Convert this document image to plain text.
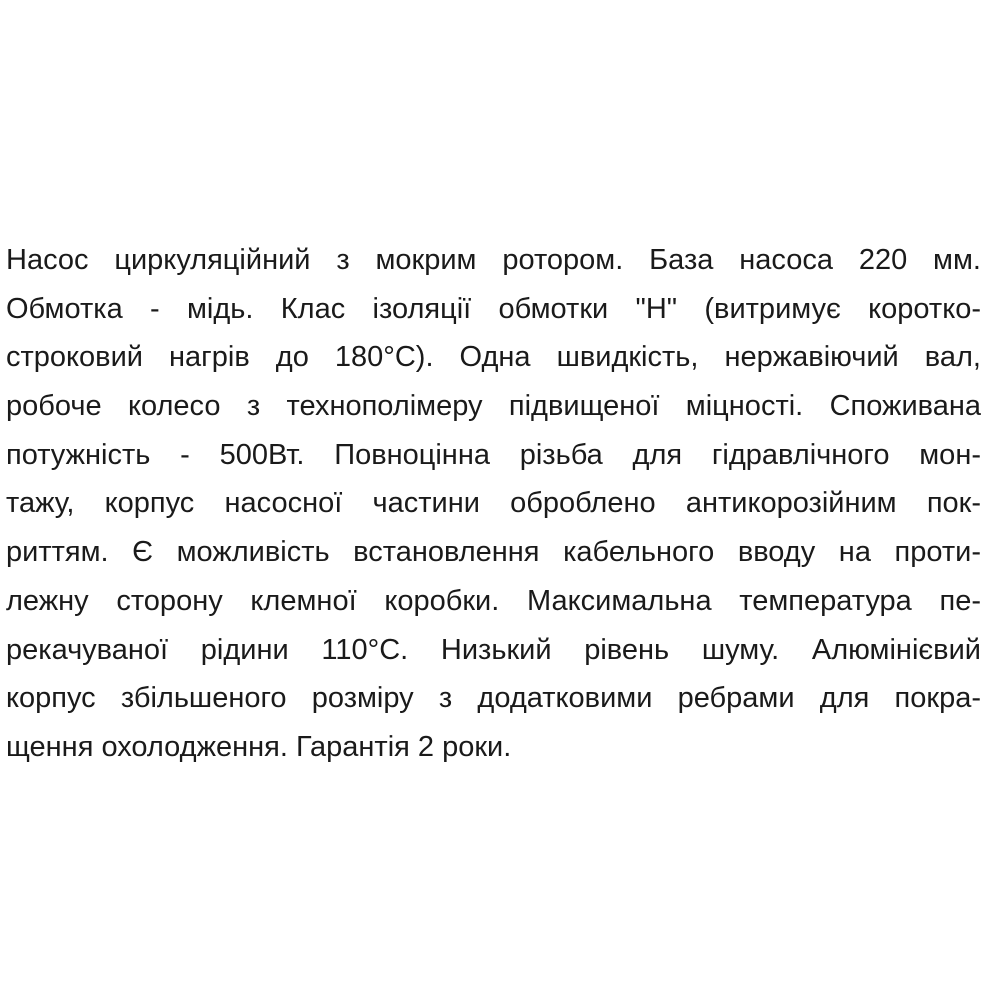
Насос циркуляційний з мокрим ротором. База насоса 220 мм.
Обмотка - мідь. Клас ізоляції обмотки "H" (витримує коротко-
строковий нагрів до 180°C). Одна швидкість, нержавіючий вал,
робоче колесо з технополімеру підвищеної міцності. Споживана
потужність - 500Вт. Повноцінна різьба для гідравлічного мон-
тажу, корпус насосної частини оброблено антикорозійним пок-
риттям. Є можливість встановлення кабельного вводу на проти-
лежну сторону клемної коробки. Максимальна температура пе-
рекачуваної рідини 110°C. Низький рівень шуму. Алюмінієвий
корпус збільшеного розміру з додатковими ребрами для покра-
щення охолодження. Гарантія 2 роки.
